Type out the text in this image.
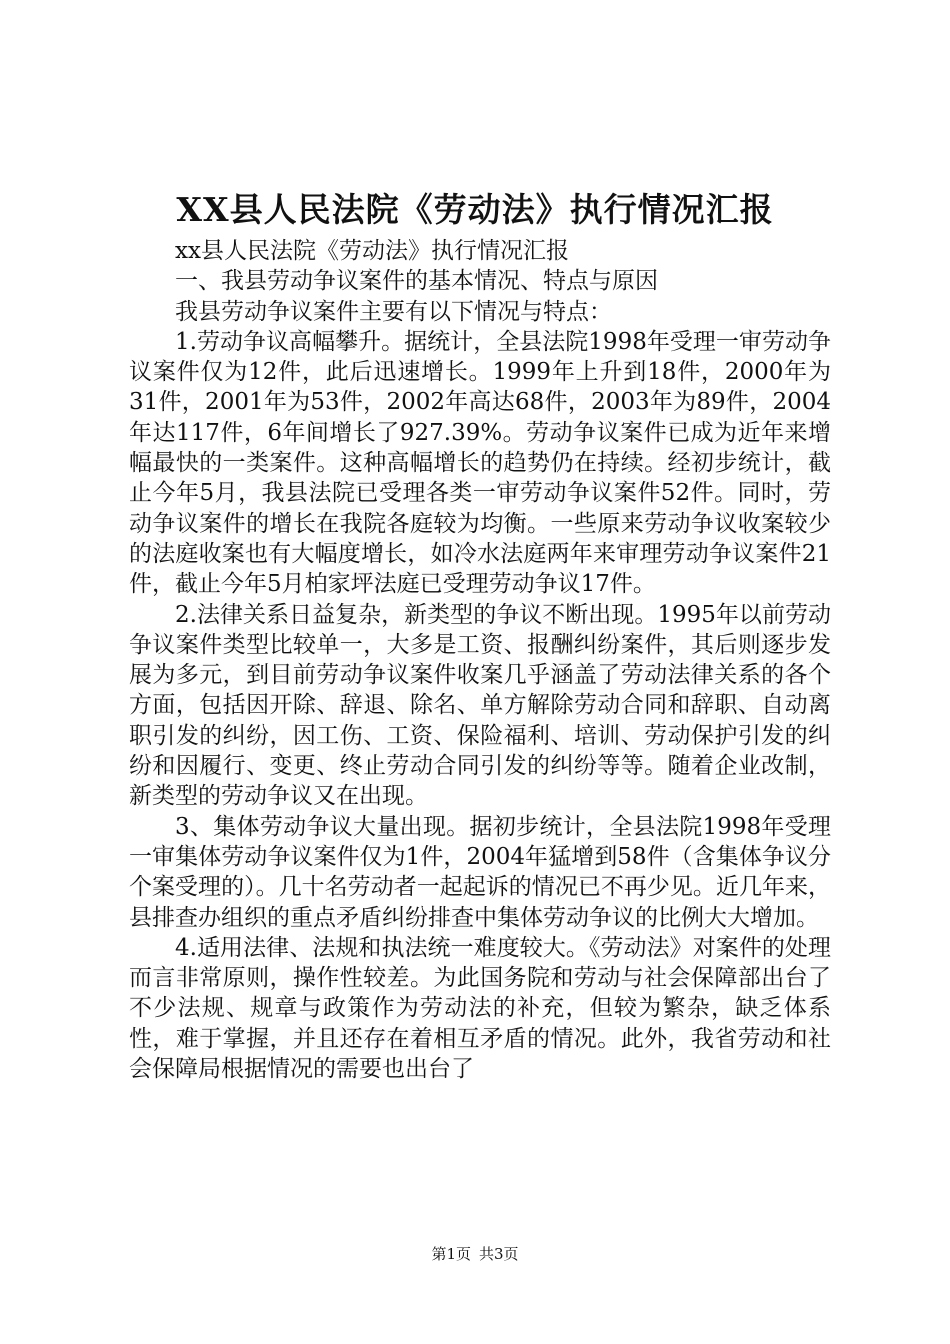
XX县人民法院《劳动法》执行情况汇报

xx县人民法院《劳动法》执行情况汇报

一、我县劳动争议案件的基本情况、特点与原因

我县劳动争议案件主要有以下情况与特点：

1.劳动争议高幅攀升。据统计，全县法院1998年受理一审劳动争议案件仅为12件，此后迅速增长。1999年上升到18件，2000年为31件，2001年为53件，2002年高达68件，2003年为89件，2004年达117件，6年间增长了927.39%。劳动争议案件已成为近年来增幅最快的一类案件。这种高幅增长的趋势仍在持续。经初步统计，截止今年5月，我县法院已受理各类一审劳动争议案件52件。同时，劳动争议案件的增长在我院各庭较为均衡。一些原来劳动争议收案较少的法庭收案也有大幅度增长，如冷水法庭两年来审理劳动争议案件21件，截止今年5月柏家坪法庭已受理劳动争议17件。

2.法律关系日益复杂，新类型的争议不断出现。1995年以前劳动争议案件类型比较单一，大多是工资、报酬纠纷案件，其后则逐步发展为多元，到目前劳动争议案件收案几乎涵盖了劳动法律关系的各个方面，包括因开除、辞退、除名、单方解除劳动合同和辞职、自动离职引发的纠纷，因工伤、工资、保险福利、培训、劳动保护引发的纠纷和因履行、变更、终止劳动合同引发的纠纷等等。随着企业改制，新类型的劳动争议又在出现。

3、集体劳动争议大量出现。据初步统计，全县法院1998年受理一审集体劳动争议案件仅为1件，2004年猛增到58件（含集体争议分个案受理的）。几十名劳动者一起起诉的情况已不再少见。近几年来，县排查办组织的重点矛盾纠纷排查中集体劳动争议的比例大大增加。

4.适用法律、法规和执法统一难度较大。《劳动法》对案件的处理而言非常原则，操作性较差。为此国务院和劳动与社会保障部出台了不少法规、规章与政策作为劳动法的补充，但较为繁杂，缺乏体系性，难于掌握，并且还存在着相互矛盾的情况。此外，我省劳动和社会保障局根据情况的需要也出台了

第1页 共3页
